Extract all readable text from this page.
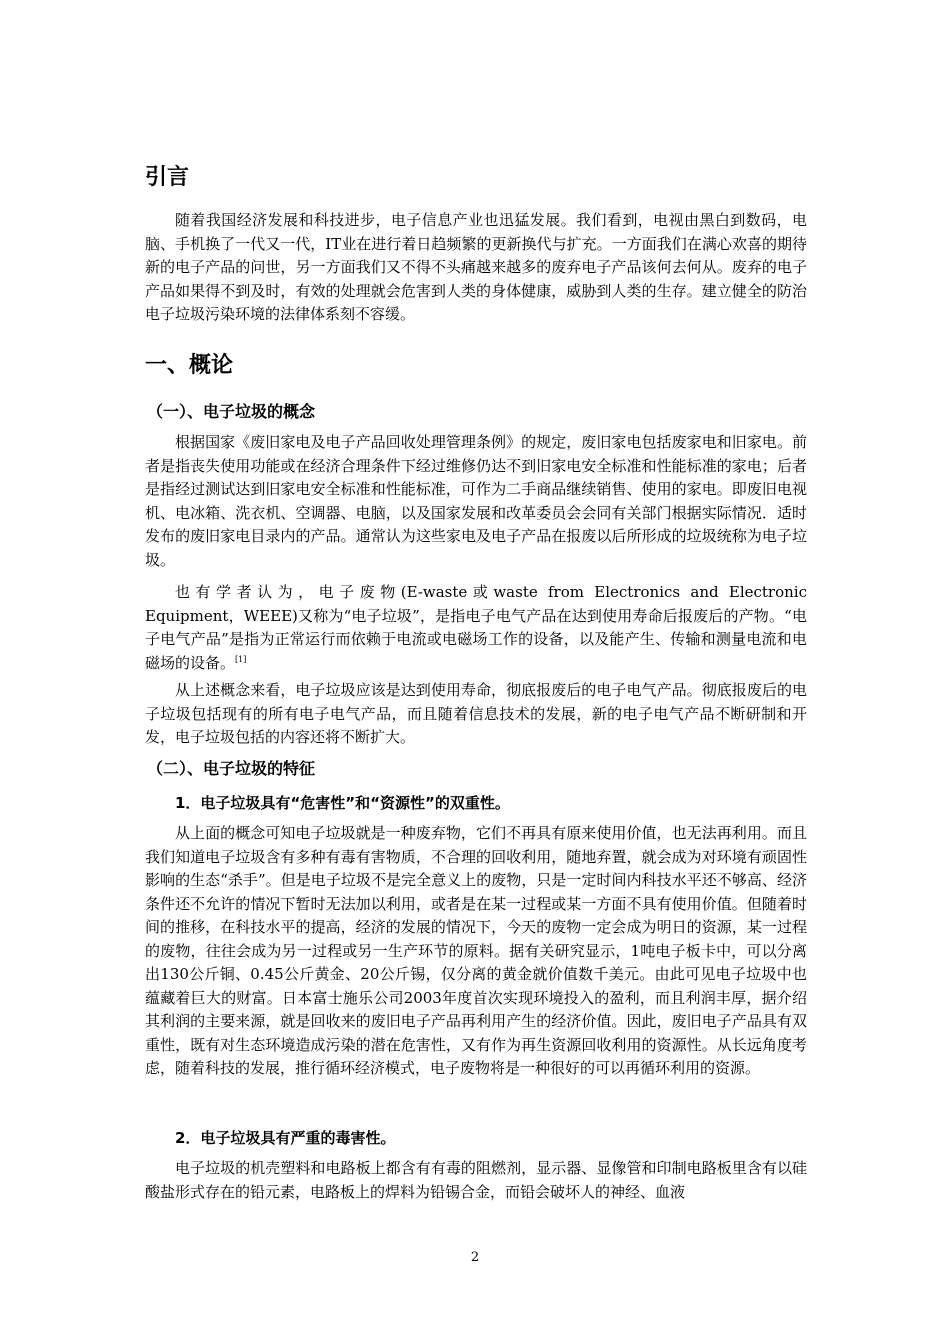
引言

随着我国经济发展和科技进步，电子信息产业也迅猛发展。我们看到，电视由黑白到数码，电脑、手机换了一代又一代，IT业在进行着日趋频繁的更新换代与扩充。一方面我们在满心欢喜的期待新的电子产品的问世，另一方面我们又不得不头痛越来越多的废弃电子产品该何去何从。废弃的电子产品如果得不到及时，有效的处理就会危害到人类的身体健康，威胁到人类的生存。建立健全的防治电子垃圾污染环境的法律体系刻不容缓。

一、概论
（一）、电子垃圾的概念

根据国家《废旧家电及电子产品回收处理管理条例》的规定，废旧家电包括废家电和旧家电。前者是指丧失使用功能或在经济合理条件下经过维修仍达不到旧家电安全标准和性能标准的家电；后者是指经过测试达到旧家电安全标准和性能标准，可作为二手商品继续销售、使用的家电。即废旧电视机、电冰箱、洗衣机、空调器、电脑，以及国家发展和改革委员会会同有关部门根据实际情况．适时发布的废旧家电目录内的产品。通常认为这些家电及电子产品在报废以后所形成的垃圾统称为电子垃圾。

也有学者认为，电子废物(E-waste或waste from Electronics and Electronic Equipment，WEEE)又称为“电子垃圾”，是指电子电气产品在达到使用寿命后报废后的产物。“电子电气产品”是指为正常运行而依赖于电流或电磁场工作的设备，以及能产生、传输和测量电流和电磁场的设备。[1]

从上述概念来看，电子垃圾应该是达到使用寿命，彻底报废后的电子电气产品。彻底报废后的电子垃圾包括现有的所有电子电气产品，而且随着信息技术的发展，新的电子电气产品不断研制和开发，电子垃圾包括的内容还将不断扩大。

（二）、电子垃圾的特征
1．电子垃圾具有“危害性”和“资源性”的双重性。

从上面的概念可知电子垃圾就是一种废弃物，它们不再具有原来使用价值，也无法再利用。而且我们知道电子垃圾含有多种有毒有害物质，不合理的回收利用，随地弃置，就会成为对环境有顽固性影响的生态“杀手”。但是电子垃圾不是完全意义上的废物，只是一定时间内科技水平还不够高、经济条件还不允许的情况下暂时无法加以利用，或者是在某一过程或某一方面不具有使用价值。但随着时间的推移，在科技水平的提高，经济的发展的情况下，今天的废物一定会成为明日的资源，某一过程的废物，往往会成为另一过程或另一生产环节的原料。据有关研究显示，1吨电子板卡中，可以分离出130公斤铜、0.45公斤黄金、20公斤锡，仅分离的黄金就价值数千美元。由此可见电子垃圾中也蕴藏着巨大的财富。日本富士施乐公司2003年度首次实现环境投入的盈利，而且利润丰厚，据介绍其利润的主要来源，就是回收来的废旧电子产品再利用产生的经济价值。因此，废旧电子产品具有双重性，既有对生态环境造成污染的潜在危害性，又有作为再生资源回收利用的资源性。从长远角度考虑，随着科技的发展，推行循环经济模式，电子废物将是一种很好的可以再循环利用的资源。

2．电子垃圾具有严重的毒害性。

电子垃圾的机壳塑料和电路板上都含有有毒的阻燃剂，显示器、显像管和印制电路板里含有以硅酸盐形式存在的铅元素，电路板上的焊料为铅锡合金，而铅会破坏人的神经、血液

2
